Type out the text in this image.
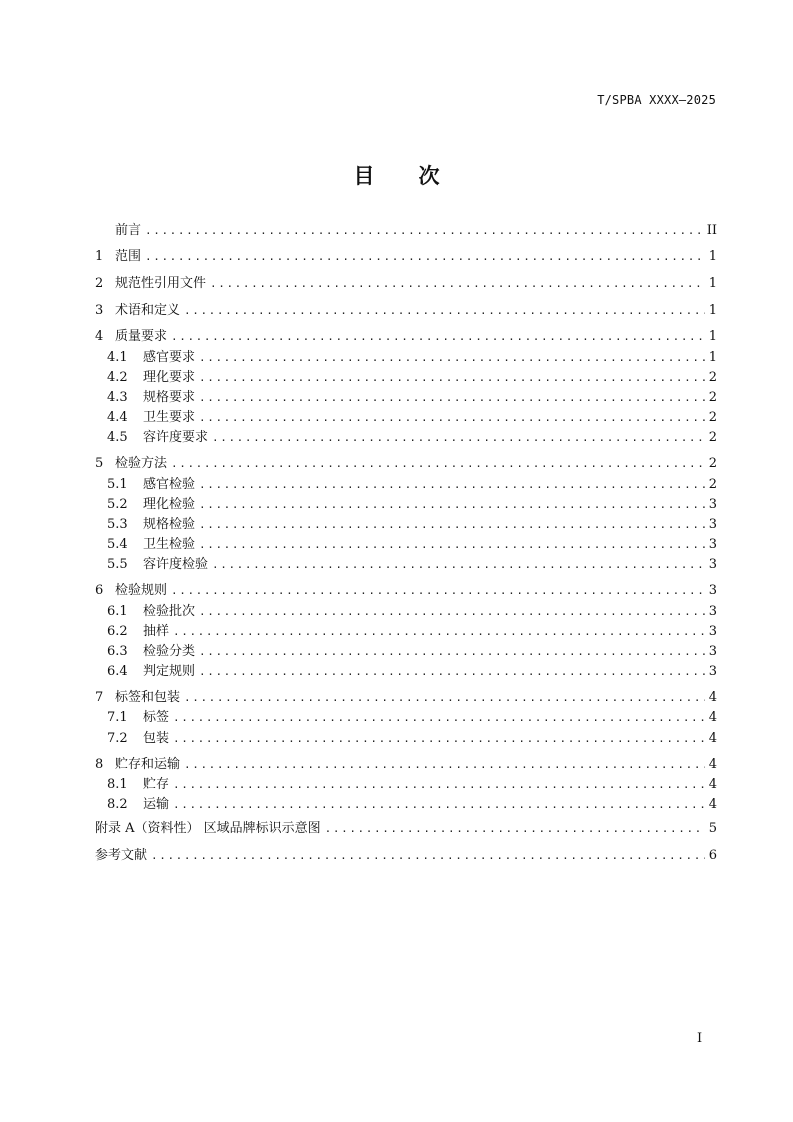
T/SPBA XXXX—2025
目 次
前言 .....	II
1 范围 .....	1
2 规范性引用文件 .....	1
3 术语和定义 .....	1
4 质量要求 .....	1
4.1 感官要求 .....	1
4.2 理化要求 .....	2
4.3 规格要求 .....	2
4.4 卫生要求 .....	2
4.5 容许度要求 .....	2
5 检验方法 .....	2
5.1 感官检验 .....	2
5.2 理化检验 .....	3
5.3 规格检验 .....	3
5.4 卫生检验 .....	3
5.5 容许度检验 .....	3
6 检验规则 .....	3
6.1 检验批次 .....	3
6.2 抽样 .....	3
6.3 检验分类 .....	3
6.4 判定规则 .....	3
7 标签和包装 .....	4
7.1 标签 .....	4
7.2 包装 .....	4
8 贮存和运输 .....	4
8.1 贮存 .....	4
8.2 运输 .....	4
附录 A（资料性） 区域品牌标识示意图 .....	5
参考文献 .....	6
I
